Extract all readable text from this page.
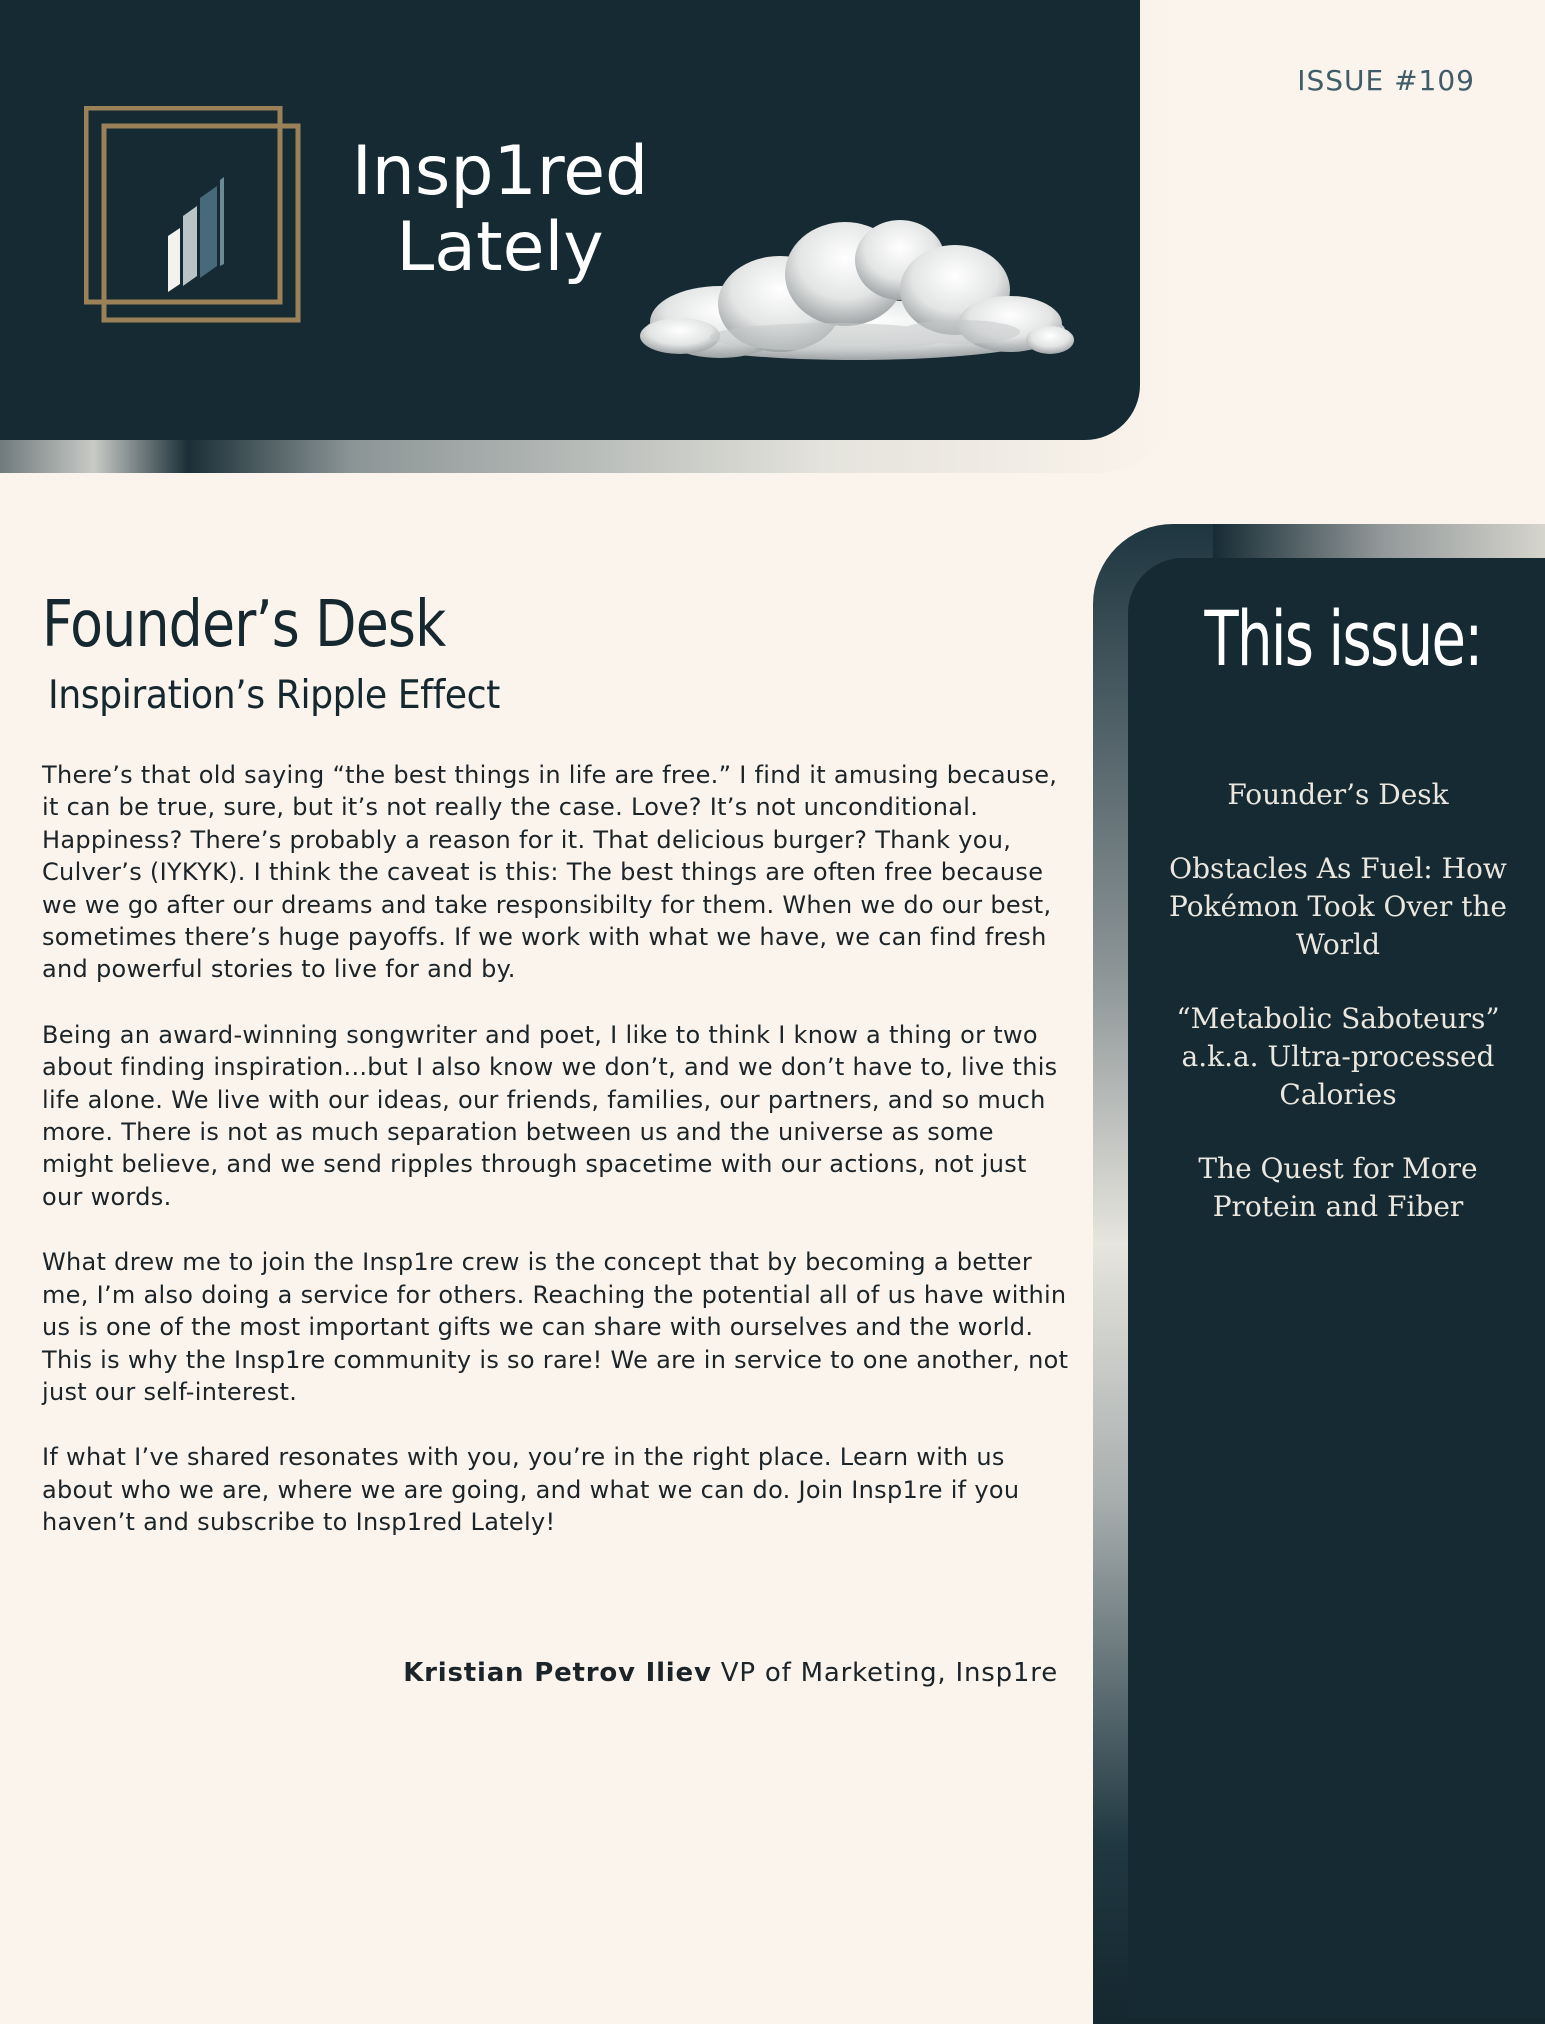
Insp1red
Lately
ISSUE #109
This issue:
Founder’s Desk
Obstacles As Fuel: How Pokémon Took Over the World
“Metabolic Saboteurs” a.k.a. Ultra-processed Calories
The Quest for More Protein and Fiber
Founder’s Desk
Inspiration’s Ripple Effect

There’s that old saying “the best things in life are free.” I find it amusing because, it can be true, sure, but it’s not really the case. Love? It’s not unconditional. Happiness? There’s probably a reason for it. That delicious burger? Thank you, Culver’s (IYKYK). I think the caveat is this: The best things are often free because we we go after our dreams and take responsibilty for them. When we do our best, sometimes there’s huge payoffs. If we work with what we have, we can find fresh and powerful stories to live for and by.

Being an award-winning songwriter and poet, I like to think I know a thing or two about finding inspiration...but I also know we don’t, and we don’t have to, live this life alone. We live with our ideas, our friends, families, our partners, and so much more. There is not as much separation between us and the universe as some might believe, and we send ripples through spacetime with our actions, not just our words.

What drew me to join the Insp1re crew is the concept that by becoming a better me, I’m also doing a service for others. Reaching the potential all of us have within us is one of the most important gifts we can share with ourselves and the world. This is why the Insp1re community is so rare! We are in service to one another, not just our self-interest.

If what I’ve shared resonates with you, you’re in the right place. Learn with us about who we are, where we are going, and what we can do. Join Insp1re if you haven’t and subscribe to Insp1red Lately!

Kristian Petrov Iliev VP of Marketing, Insp1re
